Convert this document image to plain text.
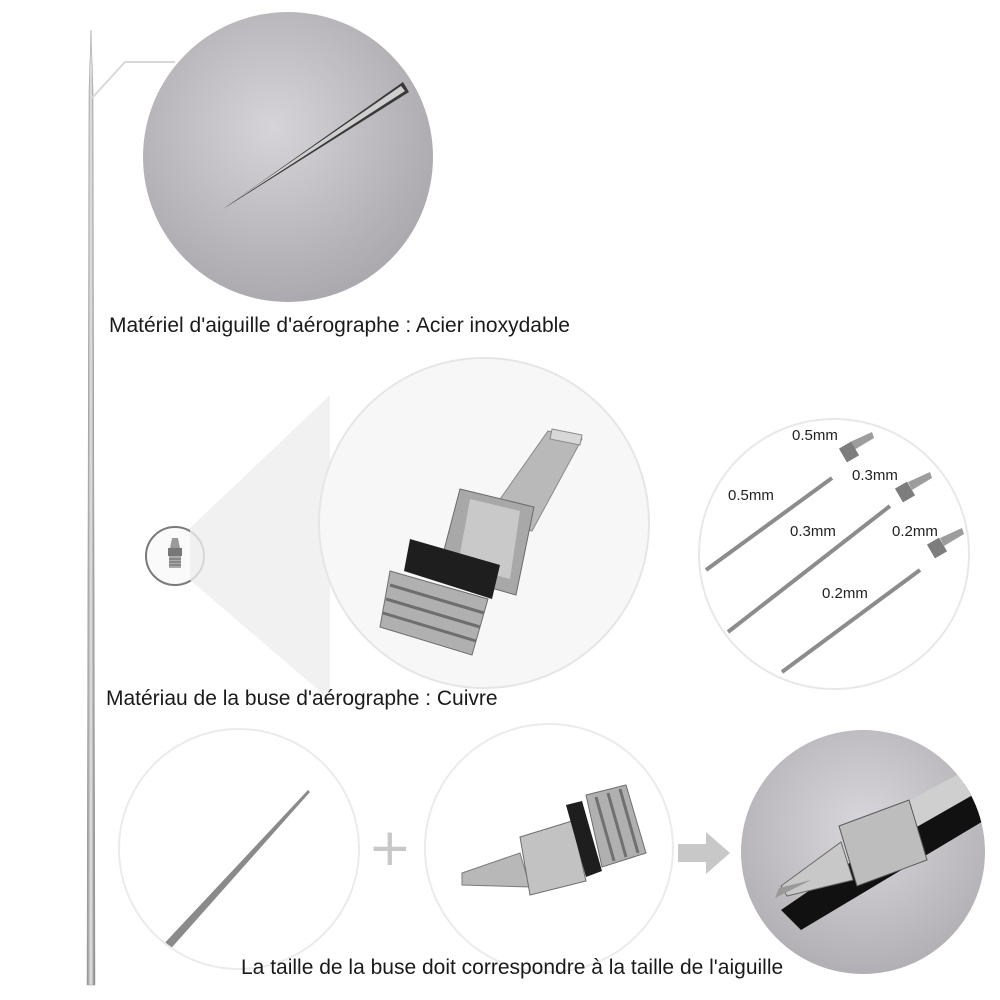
Matériel d'aiguille d'aérographe : Acier inoxydable
0.5mm
0.5mm
0.3mm
0.3mm	0.2mm
0.2mm
Matériau de la buse d'aérographe : Cuivre
+
La taille de la buse doit correspondre à la taille de l'aiguille
